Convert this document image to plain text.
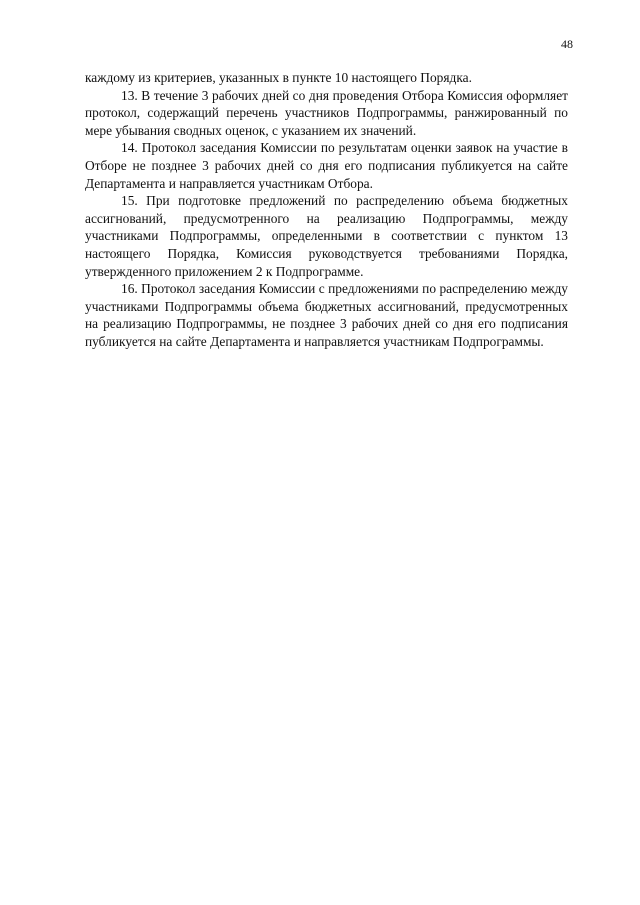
48

каждому из критериев, указанных в пункте 10 настоящего Порядка.

13. В течение 3 рабочих дней со дня проведения Отбора Комиссия оформляет протокол, содержащий перечень участников Подпрограммы, ранжированный по мере убывания сводных оценок, с указанием их значений.

14. Протокол заседания Комиссии по результатам оценки заявок на участие в Отборе не позднее 3 рабочих дней со дня его подписания публикуется на сайте Департамента и направляется участникам Отбора.

15. При подготовке предложений по распределению объема бюджетных ассигнований, предусмотренного на реализацию Подпрограммы, между участниками Подпрограммы, определенными в соответствии с пунктом 13 настоящего Порядка, Комиссия руководствуется требованиями Порядка, утвержденного приложением 2 к Подпрограмме.

16. Протокол заседания Комиссии с предложениями по распределению между участниками Подпрограммы объема бюджетных ассигнований, предусмотренных на реализацию Подпрограммы, не позднее 3 рабочих дней со дня его подписания публикуется на сайте Департамента и направляется участникам Подпрограммы.
